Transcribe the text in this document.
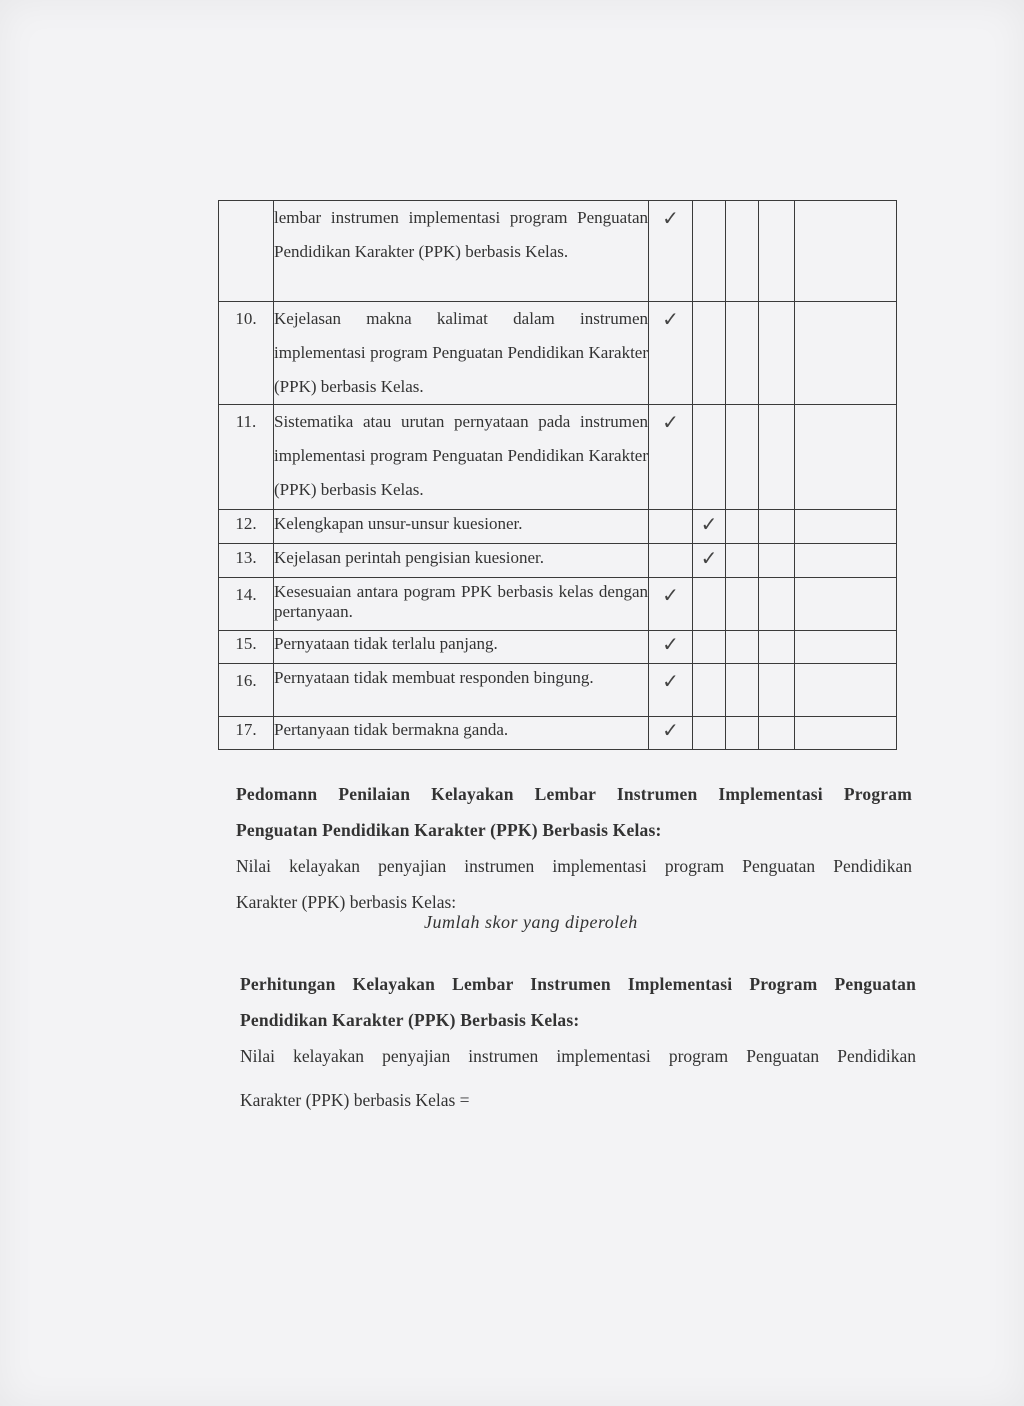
	lembar instrumen implementasi program Penguatan Pendidikan Karakter (PPK) berbasis Kelas.	✓				
10.	Kejelasan makna kalimat dalam instrumen implementasi program Penguatan Pendidikan Karakter (PPK) berbasis Kelas.	✓				
11.	Sistematika atau urutan pernyataan pada instrumen implementasi program Penguatan Pendidikan Karakter (PPK) berbasis Kelas.	✓				
12.	Kelengkapan unsur-unsur kuesioner.		✓			
13.	Kejelasan perintah pengisian kuesioner.		✓			
14.	Kesesuaian antara pogram PPK berbasis kelas dengan pertanyaan.	✓				
15.	Pernyataan tidak terlalu panjang.	✓				
16.	Pernyataan tidak membuat responden bingung.	✓				
17.	Pertanyaan tidak bermakna ganda.	✓				
Pedomann Penilaian Kelayakan Lembar Instrumen Implementasi Program
Penguatan Pendidikan Karakter (PPK) Berbasis Kelas:
Nilai kelayakan penyajian instrumen implementasi program Penguatan Pendidikan
Karakter (PPK) berbasis Kelas:
Jumlah skor yang diperoleh
Perhitungan Kelayakan Lembar Instrumen Implementasi Program Penguatan
Pendidikan Karakter (PPK) Berbasis Kelas:
Nilai kelayakan penyajian instrumen implementasi program Penguatan Pendidikan
Karakter (PPK) berbasis Kelas =
